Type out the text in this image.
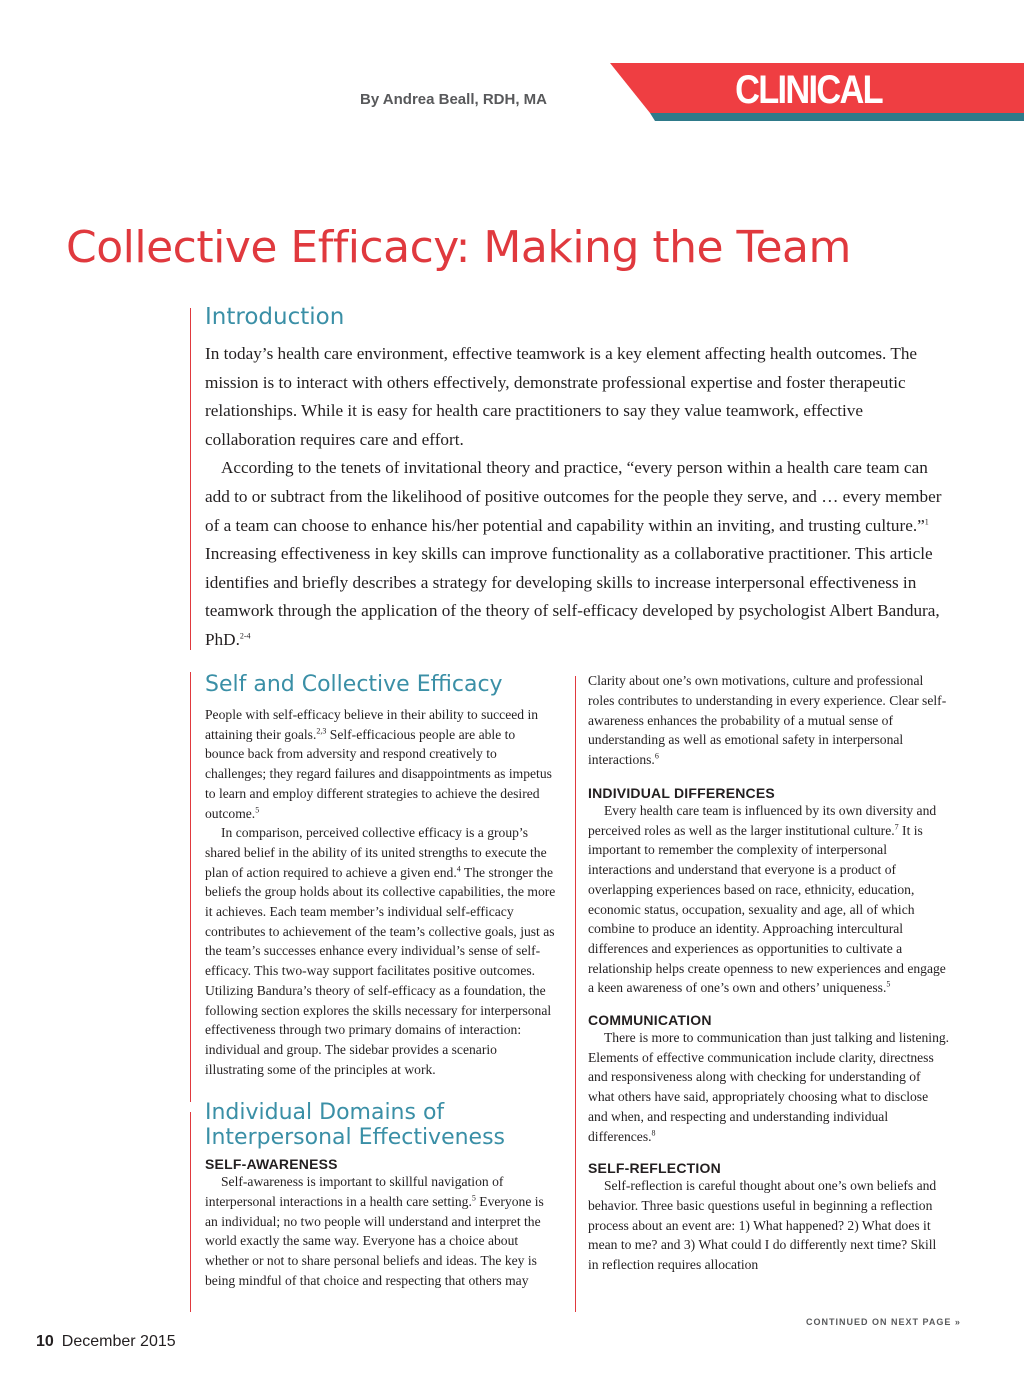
By Andrea Beall, RDH, MA	CLINICAL FEATURE
Collective Efficacy: Making the Team
Introduction

In today’s health care environment, effective teamwork is a key element affecting health outcomes. The mission is to interact with others effectively, demonstrate professional expertise and foster therapeutic relationships. While it is easy for health care practitioners to say they value teamwork, effective collaboration requires care and effort.

According to the tenets of invitational theory and practice, “every person within a health care team can add to or subtract from the likelihood of positive outcomes for the people they serve, and … every member of a team can choose to enhance his/her potential and capability within an inviting, and trusting culture.”$^1$ Increasing effectiveness in key skills can improve functionality as a collaborative practitioner. This article identifies and briefly describes a strategy for developing skills to increase interpersonal effectiveness in teamwork through the application of the theory of self-efficacy developed by psychologist Albert Bandura, PhD.$^{2-4}$

Self and Collective Efficacy

People with self-efficacy believe in their ability to succeed in attaining their goals.$^{2,3}$ Self-efficacious people are able to bounce back from adversity and respond creatively to challenges; they regard failures and disappointments as impetus to learn and employ different strategies to achieve the desired outcome.$^5$

In comparison, perceived collective efficacy is a group’s shared belief in the ability of its united strengths to execute the plan of action required to achieve a given end.$^4$ The stronger the beliefs the group holds about its collective capabilities, the more it achieves. Each team member’s individual self-efficacy contributes to achievement of the team’s collective goals, just as the team’s successes enhance every individual’s sense of self-efficacy. This two-way support facilitates positive outcomes. Utilizing Bandura’s theory of self-efficacy as a foundation, the following section explores the skills necessary for interpersonal effectiveness through two primary domains of interaction: individual and group. The sidebar provides a scenario illustrating some of the principles at work.

Individual Domains of
Interpersonal Effectiveness
SELF-AWARENESS

Self-awareness is important to skillful navigation of interpersonal interactions in a health care setting.$^5$ Everyone is an individual; no two people will understand and interpret the world exactly the same way. Everyone has a choice about whether or not to share personal beliefs and ideas. The key is being mindful of that choice and respecting that others may

Clarity about one’s own motivations, culture and professional roles contributes to understanding in every experience. Clear self-awareness enhances the probability of a mutual sense of understanding as well as emotional safety in interpersonal interactions.$^6$

INDIVIDUAL DIFFERENCES

Every health care team is influenced by its own diversity and perceived roles as well as the larger institutional culture.$^7$ It is important to remember the complexity of interpersonal interactions and understand that everyone is a product of overlapping experiences based on race, ethnicity, education, economic status, occupation, sexuality and age, all of which combine to produce an identity. Approaching intercultural differences and experiences as opportunities to cultivate a relationship helps create openness to new experiences and engage a keen awareness of one’s own and others’ uniqueness.$^5$

COMMUNICATION

There is more to communication than just talking and listening. Elements of effective communication include clarity, directness and responsiveness along with checking for understanding of what others have said, appropriately choosing what to disclose and when, and respecting and understanding individual differences.$^8$

SELF-REFLECTION

Self-reflection is careful thought about one’s own beliefs and behavior. Three basic questions useful in beginning a reflection process about an event are: 1) What happened? 2) What does it mean to me? and 3) What could I do differently next time? Skill in reflection requires allocation

CONTINUED ON NEXT PAGE »
10 December 2015
